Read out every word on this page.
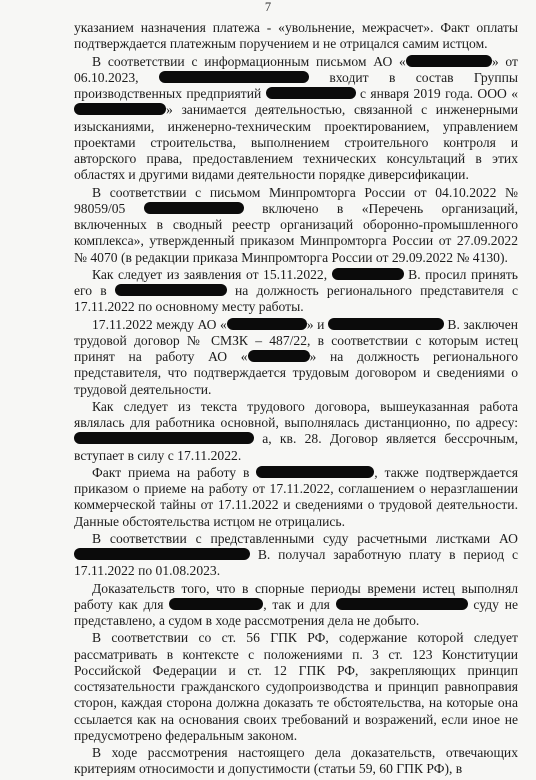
7

указанием назначения платежа - «увольнение, межрасчет». Факт оплаты подтверждается платежным поручением и не отрицался самим истцом.

В соответствии с информационным письмом АО «	» от 06.10.2023,	входит в состав Группы производственных предприятий	с января 2019 года. ООО «» занимается деятельностью, связанной с инженерными изысканиями, инженерно-техническим проектированием, управлением проектами строительства, выполнением строительного контроля и авторского права, предоставлением технических консультаций в этих областях и другими видами деятельности порядке диверсификации.

В соответствии с письмом Минпромторга России от 04.10.2022 № 98059/05	включено в «Перечень организаций, включенных в сводный реестр организаций оборонно-промышленного комплекса», утвержденный приказом Минпромторга России от 27.09.2022 № 4070 (в редакции приказа Минпромторга России от 29.09.2022 № 4130).

Как следует из заявления от 15.11.2022,	В. просил принять его в	на должность регионального представителя с 17.11.2022 по основному месту работы.

17.11.2022 между АО «	» и	В. заключен трудовой договор № СМЗК – 487/22, в соответствии с которым истец принят на работу АО «	» на должность регионального представителя, что подтверждается трудовым договором и сведениями о трудовой деятельности.

Как следует из текста трудового договора, вышеуказанная работа являлась для работника основной, выполнялась дистанционно, по адресу:  а, кв. 28. Договор является бессрочным, вступает в силу с 17.11.2022.

Факт приема на работу в	, также подтверждается приказом о приеме на работу от 17.11.2022, соглашением о неразглашении коммерческой тайны от 17.11.2022 и сведениями о трудовой деятельности. Данные обстоятельства истцом не отрицались.

В соответствии с представленными суду расчетными листками АО  В. получал заработную плату в период с 17.11.2022 по 01.08.2023.

Доказательств того, что в спорные периоды времени истец выполнял работу как для	, так и для	суду не представлено, а судом в ходе рассмотрения дела не добыто.

В соответствии со ст. 56 ГПК РФ, содержание которой следует рассматривать в контексте с положениями п. 3 ст. 123 Конституции Российской Федерации и ст. 12 ГПК РФ, закрепляющих принцип состязательности гражданского судопроизводства и принцип равноправия сторон, каждая сторона должна доказать те обстоятельства, на которые она ссылается как на основания своих требований и возражений, если иное не предусмотрено федеральным законом.

В ходе рассмотрения настоящего дела доказательств, отвечающих критериям относимости и допустимости (статьи 59, 60 ГПК РФ), в
